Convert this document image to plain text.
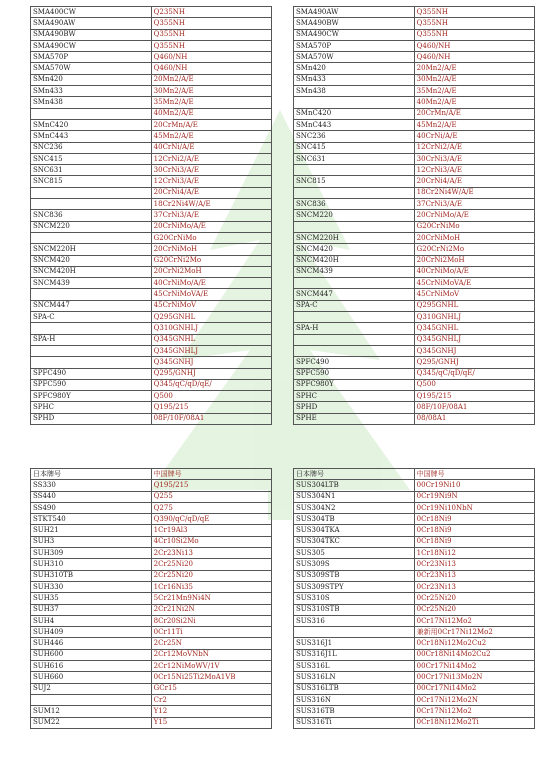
SMA400CW	Q235NH
SMA490AW	Q355NH
SMA490BW	Q355NH
SMA490CW	Q355NH
SMA570P	Q460/NH
SMA570W	Q460/NH
SMn420	20Mn2/A/E
SMn433	30Mn2/A/E
SMn438	35Mn2/A/E
	40Mn2/A/E
SMnC420	20CrMn/A/E
SMnC443	45Mn2/A/E
SNC236	40CrNi/A/E
SNC415	12CrNi2/A/E
SNC631	30CrNi3/A/E
SNC815	12CrNi3/A/E
	20CrNi4/A/E
	18Cr2Ni4W/A/E
SNC836	37CrNi3/A/E
SNCM220	20CrNiMo/A/E
	G20CrNiMo
SNCM220H	20CrNiMoH
SNCM420	G20CrNi2Mo
SNCM420H	20CrNi2MoH
SNCM439	40CrNiMo/A/E
	45CrNiMoVA/E
SNCM447	45CrNiMoV
SPA-C	Q295GNHL
	Q310GNHLJ
SPA-H	Q345GNHL
	Q345GNHLJ
	Q345GNHJ
SPFC490	Q295/GNHJ
SPFC590	Q345/qC/qD/qE/
SPFC980Y	Q500
SPHC	Q195/215
SPHD	08F/10F/08A1
SMA490AW	Q355NH
SMA490BW	Q355NH
SMA490CW	Q355NH
SMA570P	Q460/NH
SMA570W	Q460/NH
SMn420	20Mn2/A/E
SMn433	30Mn2/A/E
SMn438	35Mn2/A/E
	40Mn2/A/E
SMnC420	20CrMn/A/E
SMnC443	45Mn2/A/E
SNC236	40CrNi/A/E
SNC415	12CrNi2/A/E
SNC631	30CrNi3/A/E
	12CrNi3/A/E
SNC815	20CrNi4/A/E
	18Cr2Ni4W/A/E
SNC836	37CrNi3/A/E
SNCM220	20CrNiMo/A/E
	G20CrNiMo
SNCM220H	20CrNiMoH
SNCM420	G20CrNi2Mo
SNCM420H	20CrNi2MoH
SNCM439	40CrNiMo/A/E
	45CrNiMoVA/E
SNCM447	45CrNiMoV
SPA-C	Q295GNHL
	Q310GNHLJ
SPA-H	Q345GNHL
	Q345GNHLJ
	Q345GNHJ
SPFC490	Q295/GNHJ
SPFC590	Q345/qC/qD/qE/
SPFC980Y	Q500
SPHC	Q195/215
SPHD	08F/10F/08A1
SPHE	08/08A1
日本牌号	中国牌号
SS330	Q195/215
SS440	Q255
SS490	Q275
STKT540	Q390/qC/qD/qE
SUH21	1Cr19Al3
SUH3	4Cr10Si2Mo
SUH309	2Cr23Ni13
SUH310	2Cr25Ni20
SUH310TB	2Cr25Ni20
SUH330	1Cr16Ni35
SUH35	5Cr21Mn9Ni4N
SUH37	2Cr21Ni2N
SUH4	8Cr20Si2Ni
SUH409	0Cr11Ti
SUH446	2Cr25N
SUH600	2Cr12MoVNbN
SUH616	2Cr12NiMoWV/1V
SUH660	0Cr15Ni25Ti2MoA1VB
SUJ2	GCr15
	Cr2
SUM12	Y12
SUM22	Y15
日本牌号	中国牌号
SUS304LTB	00Cr19Ni10
SUS304N1	0Cr19Ni9N
SUS304N2	0Cr19Ni10NbN
SUS304TB	0Cr18Ni9
SUS304TKA	0Cr18Ni9
SUS304TKC	0Cr18Ni9
SUS305	1Cr18Ni12
SUS309S	0Cr23Ni13
SUS309STB	0Cr23Ni13
SUS309STPY	0Cr23Ni13
SUS310S	0Cr25Ni20
SUS310STB	0Cr25Ni20
SUS316	0Cr17Ni12Mo2
	兼新用0Cr17Ni12Mo2
SUS316J1	0Cr18Ni12Mo2Cu2
SUS316J1L	00Cr18Ni14Mo2Cu2
SUS316L	00Cr17Ni14Mo2
SUS316LN	00Cr17Ni13Mo2N
SUS316LTB	00Cr17Ni14Mo2
SUS316N	0Cr17Ni12Mo2N
SUS316TB	0Cr17Ni12Mo2
SUS316Ti	0Cr18Ni12Mo2Ti
